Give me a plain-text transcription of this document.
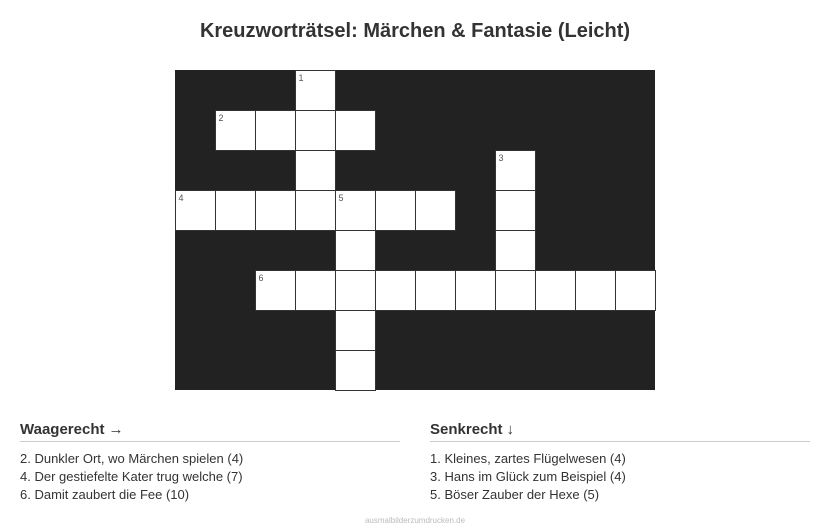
Kreuzworträtsel: Märchen & Fantasie (Leicht)
1
2
3
4	5
6
Waagerecht →
2. Dunkler Ort, wo Märchen spielen (4)
4. Der gestiefelte Kater trug welche (7)
6. Damit zaubert die Fee (10)
Senkrecht ↓
1. Kleines, zartes Flügelwesen (4)
3. Hans im Glück zum Beispiel (4)
5. Böser Zauber der Hexe (5)
ausmalbilderzumdrucken.de
